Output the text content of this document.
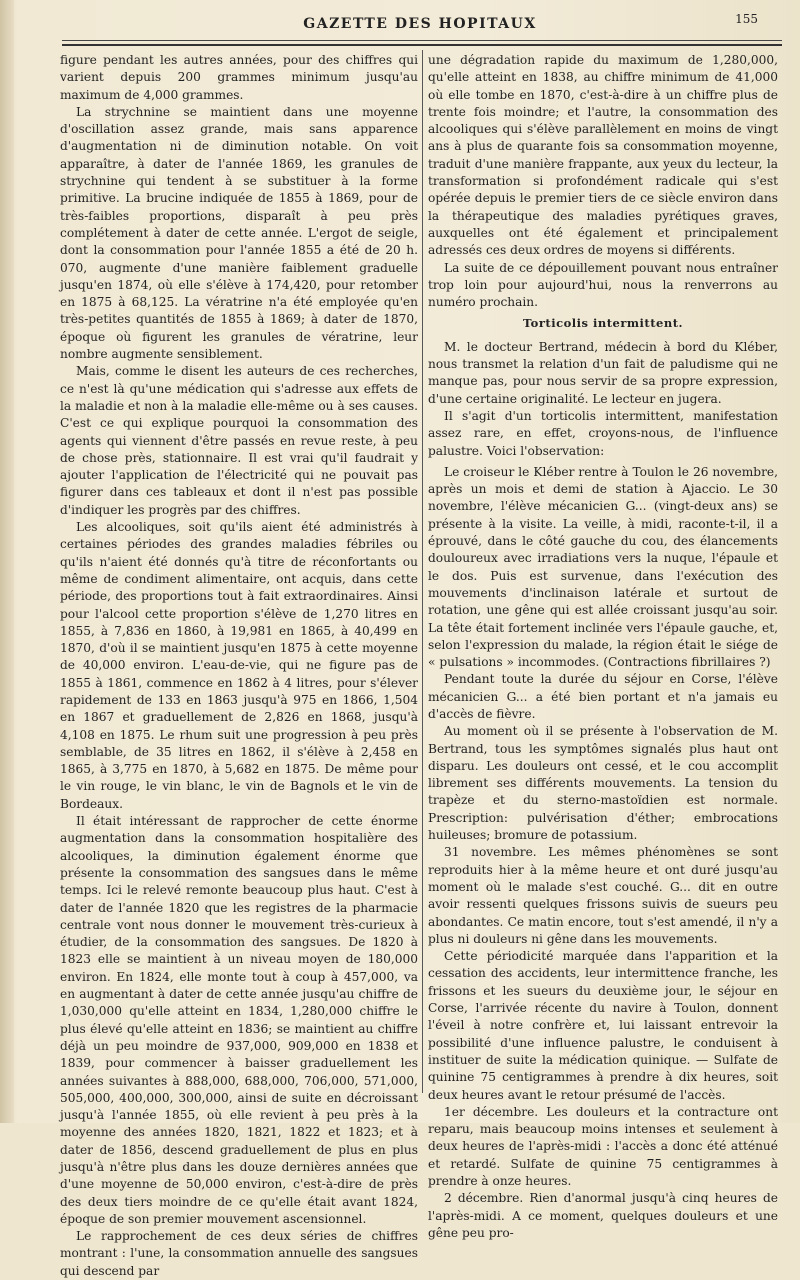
GAZETTE DES HOPITAUX	155

figure pendant les autres années, pour des chiffres qui varient depuis 200 grammes minimum jusqu'au maximum de 4,000 grammes.

La strychnine se maintient dans une moyenne d'oscillation assez grande, mais sans apparence d'augmentation ni de diminution notable. On voit apparaître, à dater de l'année 1869, les granules de strychnine qui tendent à se substituer à la forme primitive. La brucine indiquée de 1855 à 1869, pour de très-faibles proportions, disparaît à peu près complétement à dater de cette année. L'ergot de seigle, dont la consommation pour l'année 1855 a été de 20 h. 070, augmente d'une manière faiblement graduelle jusqu'en 1874, où elle s'élève à 174,420, pour retomber en 1875 à 68,125. La vératrine n'a été employée qu'en très-petites quantités de 1855 à 1869; à dater de 1870, époque où figurent les granules de vératrine, leur nombre augmente sensiblement.

Mais, comme le disent les auteurs de ces recherches, ce n'est là qu'une médication qui s'adresse aux effets de la maladie et non à la maladie elle-même ou à ses causes. C'est ce qui explique pourquoi la consommation des agents qui viennent d'être passés en revue reste, à peu de chose près, stationnaire. Il est vrai qu'il faudrait y ajouter l'application de l'électricité qui ne pouvait pas figurer dans ces tableaux et dont il n'est pas possible d'indiquer les progrès par des chiffres.

Les alcooliques, soit qu'ils aient été administrés à certaines périodes des grandes maladies fébriles ou qu'ils n'aient été donnés qu'à titre de réconfortants ou même de condiment alimentaire, ont acquis, dans cette période, des proportions tout à fait extraordinaires. Ainsi pour l'alcool cette proportion s'élève de 1,270 litres en 1855, à 7,836 en 1860, à 19,981 en 1865, à 40,499 en 1870, d'où il se maintient jusqu'en 1875 à cette moyenne de 40,000 environ. L'eau-de-vie, qui ne figure pas de 1855 à 1861, commence en 1862 à 4 litres, pour s'élever rapidement de 133 en 1863 jusqu'à 975 en 1866, 1,504 en 1867 et graduellement de 2,826 en 1868, jusqu'à 4,108 en 1875. Le rhum suit une progression à peu près semblable, de 35 litres en 1862, il s'élève à 2,458 en 1865, à 3,775 en 1870, à 5,682 en 1875. De même pour le vin rouge, le vin blanc, le vin de Bagnols et le vin de Bordeaux.

Il était intéressant de rapprocher de cette énorme augmentation dans la consommation hospitalière des alcooliques, la diminution également énorme que présente la consommation des sangsues dans le même temps. Ici le relevé remonte beaucoup plus haut. C'est à dater de l'année 1820 que les registres de la pharmacie centrale vont nous donner le mouvement très-curieux à étudier, de la consommation des sangsues. De 1820 à 1823 elle se maintient à un niveau moyen de 180,000 environ. En 1824, elle monte tout à coup à 457,000, va en augmentant à dater de cette année jusqu'au chiffre de 1,030,000 qu'elle atteint en 1834, 1,280,000 chiffre le plus élevé qu'elle atteint en 1836; se maintient au chiffre déjà un peu moindre de 937,000, 909,000 en 1838 et 1839, pour commencer à baisser graduellement les années suivantes à 888,000, 688,000, 706,000, 571,000, 505,000, 400,000, 300,000, ainsi de suite en décroissant jusqu'à l'année 1855, où elle revient à peu près à la moyenne des années 1820, 1821, 1822 et 1823; et à dater de 1856, descend graduellement de plus en plus jusqu'à n'être plus dans les douze dernières années que d'une moyenne de 50,000 environ, c'est-à-dire de près des deux tiers moindre de ce qu'elle était avant 1824, époque de son premier mouvement ascensionnel.

Le rapprochement de ces deux séries de chiffres montrant : l'une, la consommation annuelle des sangsues qui descend par

une dégradation rapide du maximum de 1,280,000, qu'elle atteint en 1838, au chiffre minimum de 41,000 où elle tombe en 1870, c'est-à-dire à un chiffre plus de trente fois moindre; et l'autre, la consommation des alcooliques qui s'élève parallèlement en moins de vingt ans à plus de quarante fois sa consommation moyenne, traduit d'une manière frappante, aux yeux du lecteur, la transformation si profondément radicale qui s'est opérée depuis le premier tiers de ce siècle environ dans la thérapeutique des maladies pyrétiques graves, auxquelles ont été également et principalement adressés ces deux ordres de moyens si différents.

La suite de ce dépouillement pouvant nous entraîner trop loin pour aujourd'hui, nous la renverrons au numéro prochain.

Torticolis intermittent.

M. le docteur Bertrand, médecin à bord du Kléber, nous transmet la relation d'un fait de paludisme qui ne manque pas, pour nous servir de sa propre expression, d'une certaine originalité. Le lecteur en jugera.

Il s'agit d'un torticolis intermittent, manifestation assez rare, en effet, croyons-nous, de l'influence palustre. Voici l'observation:

Le croiseur le Kléber rentre à Toulon le 26 novembre, après un mois et demi de station à Ajaccio. Le 30 novembre, l'élève mécanicien G... (vingt-deux ans) se présente à la visite. La veille, à midi, raconte-t-il, il a éprouvé, dans le côté gauche du cou, des élancements douloureux avec irradiations vers la nuque, l'épaule et le dos. Puis est survenue, dans l'exécution des mouvements d'inclinaison latérale et surtout de rotation, une gêne qui est allée croissant jusqu'au soir. La tête était fortement inclinée vers l'épaule gauche, et, selon l'expression du malade, la région était le siége de « pulsations » incommodes. (Contractions fibrillaires ?)

Pendant toute la durée du séjour en Corse, l'élève mécanicien G... a été bien portant et n'a jamais eu d'accès de fièvre.

Au moment où il se présente à l'observation de M. Bertrand, tous les symptômes signalés plus haut ont disparu. Les douleurs ont cessé, et le cou accomplit librement ses différents mouvements. La tension du trapèze et du sterno-mastoïdien est normale. Prescription: pulvérisation d'éther; embrocations huileuses; bromure de potassium.

31 novembre. Les mêmes phénomènes se sont reproduits hier à la même heure et ont duré jusqu'au moment où le malade s'est couché. G... dit en outre avoir ressenti quelques frissons suivis de sueurs peu abondantes. Ce matin encore, tout s'est amendé, il n'y a plus ni douleurs ni gêne dans les mouvements.

Cette périodicité marquée dans l'apparition et la cessation des accidents, leur intermittence franche, les frissons et les sueurs du deuxième jour, le séjour en Corse, l'arrivée récente du navire à Toulon, donnent l'éveil à notre confrère et, lui laissant entrevoir la possibilité d'une influence palustre, le conduisent à instituer de suite la médication quinique. — Sulfate de quinine 75 centigrammes à prendre à dix heures, soit deux heures avant le retour présumé de l'accès.

1er décembre. Les douleurs et la contracture ont reparu, mais beaucoup moins intenses et seulement à deux heures de l'après-midi : l'accès a donc été atténué et retardé. Sulfate de quinine 75 centigrammes à prendre à onze heures.

2 décembre. Rien d'anormal jusqu'à cinq heures de l'après-midi. A ce moment, quelques douleurs et une gêne peu pro-
